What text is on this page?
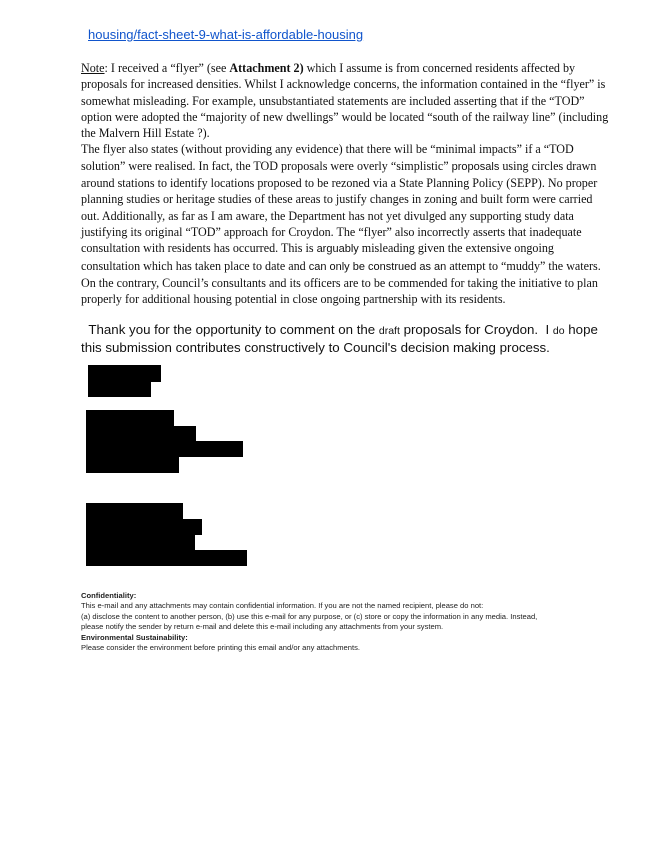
housing/fact-sheet-9-what-is-affordable-housing

Note: I received a “flyer” (see Attachment 2) which I assume is from concerned residents affected by proposals for increased densities. Whilst I acknowledge concerns, the information contained in the “flyer” is somewhat misleading. For example, unsubstantiated statements are included asserting that if the “TOD” option were adopted the “majority of new dwellings” would be located “south of the railway line” (including the Malvern Hill Estate ?).

The flyer also states (without providing any evidence) that there will be “minimal impacts” if a “TOD solution” were realised. In fact, the TOD proposals were overly “simplistic” proposals using circles drawn around stations to identify locations proposed to be rezoned via a State Planning Policy (SEPP). No proper planning studies or heritage studies of these areas to justify changes in zoning and built form were carried out. Additionally, as far as I am aware, the Department has not yet divulged any supporting study data justifying its original “TOD” approach for Croydon. The “flyer” also incorrectly asserts that inadequate consultation with residents has occurred. This is arguably misleading given the extensive ongoing consultation which has taken place to date and can only be construed as an attempt to “muddy” the waters. On the contrary, Council’s consultants and its officers are to be commended for taking the initiative to plan properly for additional housing potential in close ongoing partnership with its residents.

Thank you for the opportunity to comment on the draft proposals for Croydon.  I do hope this submission contributes constructively to Council's decision making process.
Confidentiality:
This e-mail and any attachments may contain confidential information. If you are not the named recipient, please do not:
(a) disclose the content to another person, (b) use this e-mail for any purpose, or (c) store or copy the information in any media. Instead,
please notify the sender by return e-mail and delete this e-mail including any attachments from your system.
Environmental Sustainability:
Please consider the environment before printing this email and/or any attachments.
